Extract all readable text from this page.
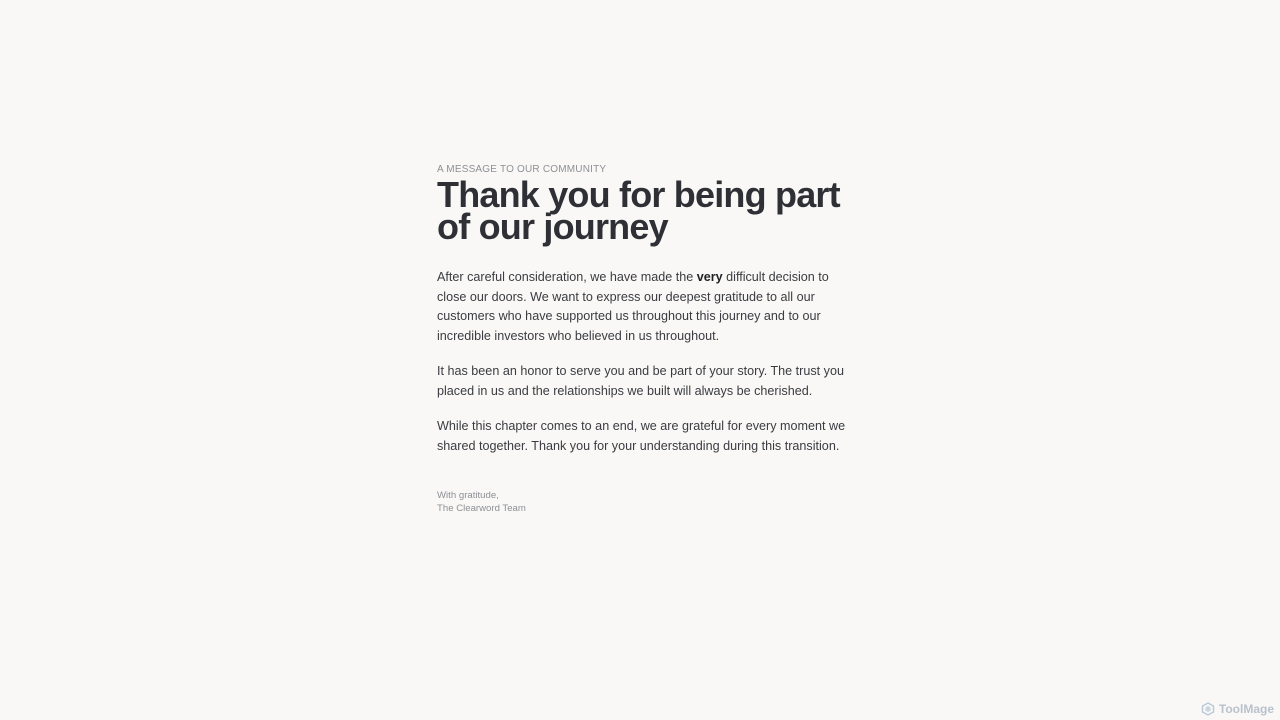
A MESSAGE TO OUR COMMUNITY
Thank you for being part of our journey

After careful consideration, we have made the very difficult decision to close our doors. We want to express our deepest gratitude to all our customers who have supported us throughout this journey and to our incredible investors who believed in us throughout.

It has been an honor to serve you and be part of your story. The trust you placed in us and the relationships we built will always be cherished.

While this chapter comes to an end, we are grateful for every moment we shared together. Thank you for your understanding during this transition.

With gratitude,
The Clearword Team
ToolMage
